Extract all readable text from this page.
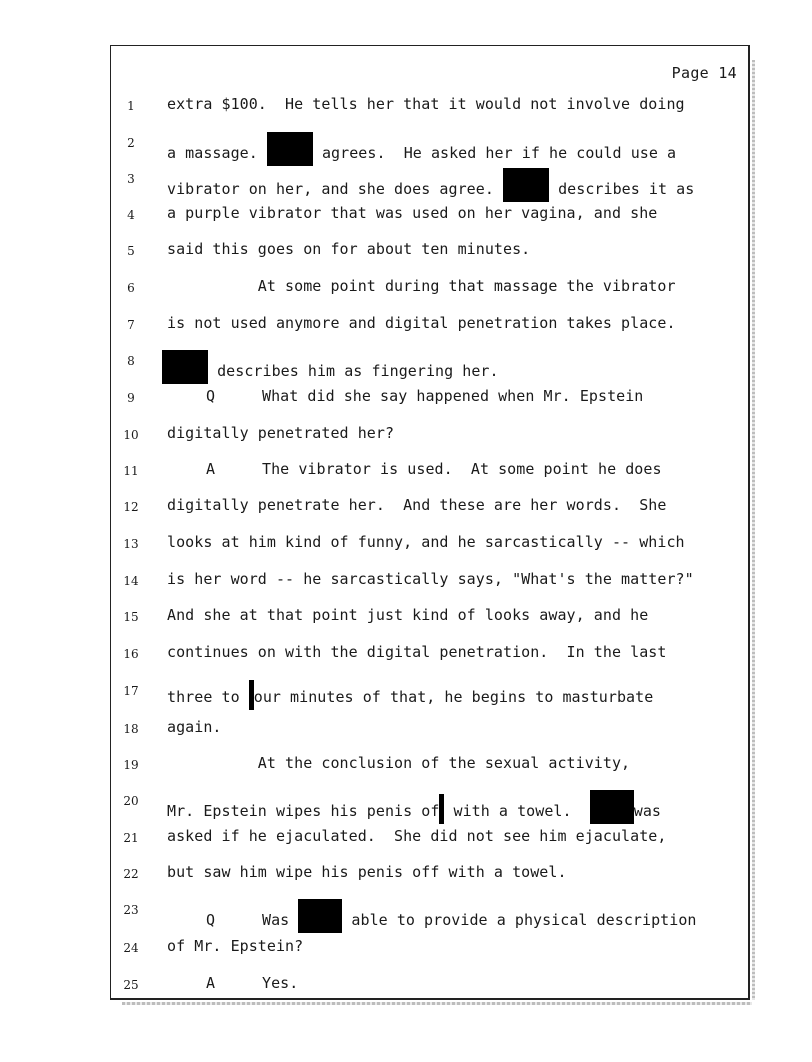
Page 14
1	extra $100.  He tells her that it would not involve doing
2
a massage.	agrees.  He asked her if he could use a
3
vibrator on her, and she does agree.	describes it as
4	a purple vibrator that was used on her vagina, and she
5	said this goes on for about ten minutes.
6	At some point during that massage the vibrator
7	is not used anymore and digital penetration takes place.
8
describes him as fingering her.
9	Q	What did she say happened when Mr. Epstein
10	digitally penetrated her?
11	A	The vibrator is used.  At some point he does
12	digitally penetrate her.  And these are her words.  She
13	looks at him kind of funny, and he sarcastically -- which
14	is her word -- he sarcastically says, "What's the matter?"
15	And she at that point just kind of looks away, and he
16	continues on with the digital penetration.  In the last
17	three to our minutes of that, he begins to masturbate
18	again.
19	At the conclusion of the sexual activity,
20
Mr. Epstein wipes his penis of with a towel.	was
21	asked if he ejaculated.  She did not see him ejaculate,
22	but saw him wipe his penis off with a towel.
23
Q	Was	able to provide a physical description
24	of Mr. Epstein?
25	A	Yes.
